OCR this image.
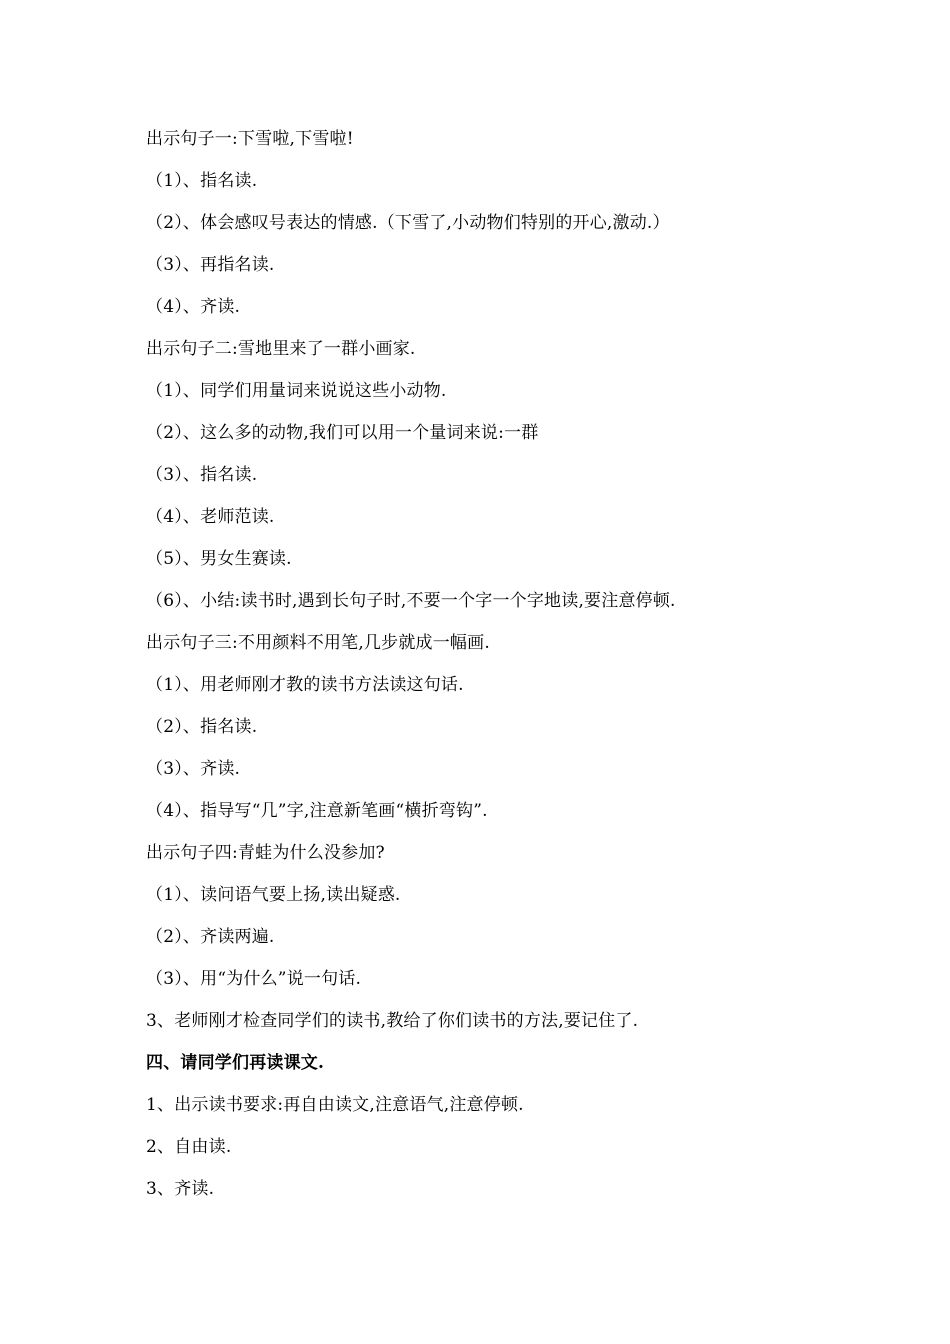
出示句子一:下雪啦,下雪啦!
（1）、指名读.
（2）、体会感叹号表达的情感.（下雪了,小动物们特别的开心,激动.）
（3）、再指名读.
（4）、齐读.
出示句子二:雪地里来了一群小画家.
（1）、同学们用量词来说说这些小动物.
（2）、这么多的动物,我们可以用一个量词来说:一群
（3）、指名读.
（4）、老师范读.
（5）、男女生赛读.
（6）、小结:读书时,遇到长句子时,不要一个字一个字地读,要注意停顿.
出示句子三:不用颜料不用笔,几步就成一幅画.
（1）、用老师刚才教的读书方法读这句话.
（2）、指名读.
（3）、齐读.
（4）、指导写“几”字,注意新笔画“横折弯钩”.
出示句子四:青蛙为什么没参加?
（1）、读问语气要上扬,读出疑惑.
（2）、齐读两遍.
（3）、用“为什么”说一句话.
3、老师刚才检查同学们的读书,教给了你们读书的方法,要记住了.
四、请同学们再读课文.
1、出示读书要求:再自由读文,注意语气,注意停顿.
2、自由读.
3、齐读.
